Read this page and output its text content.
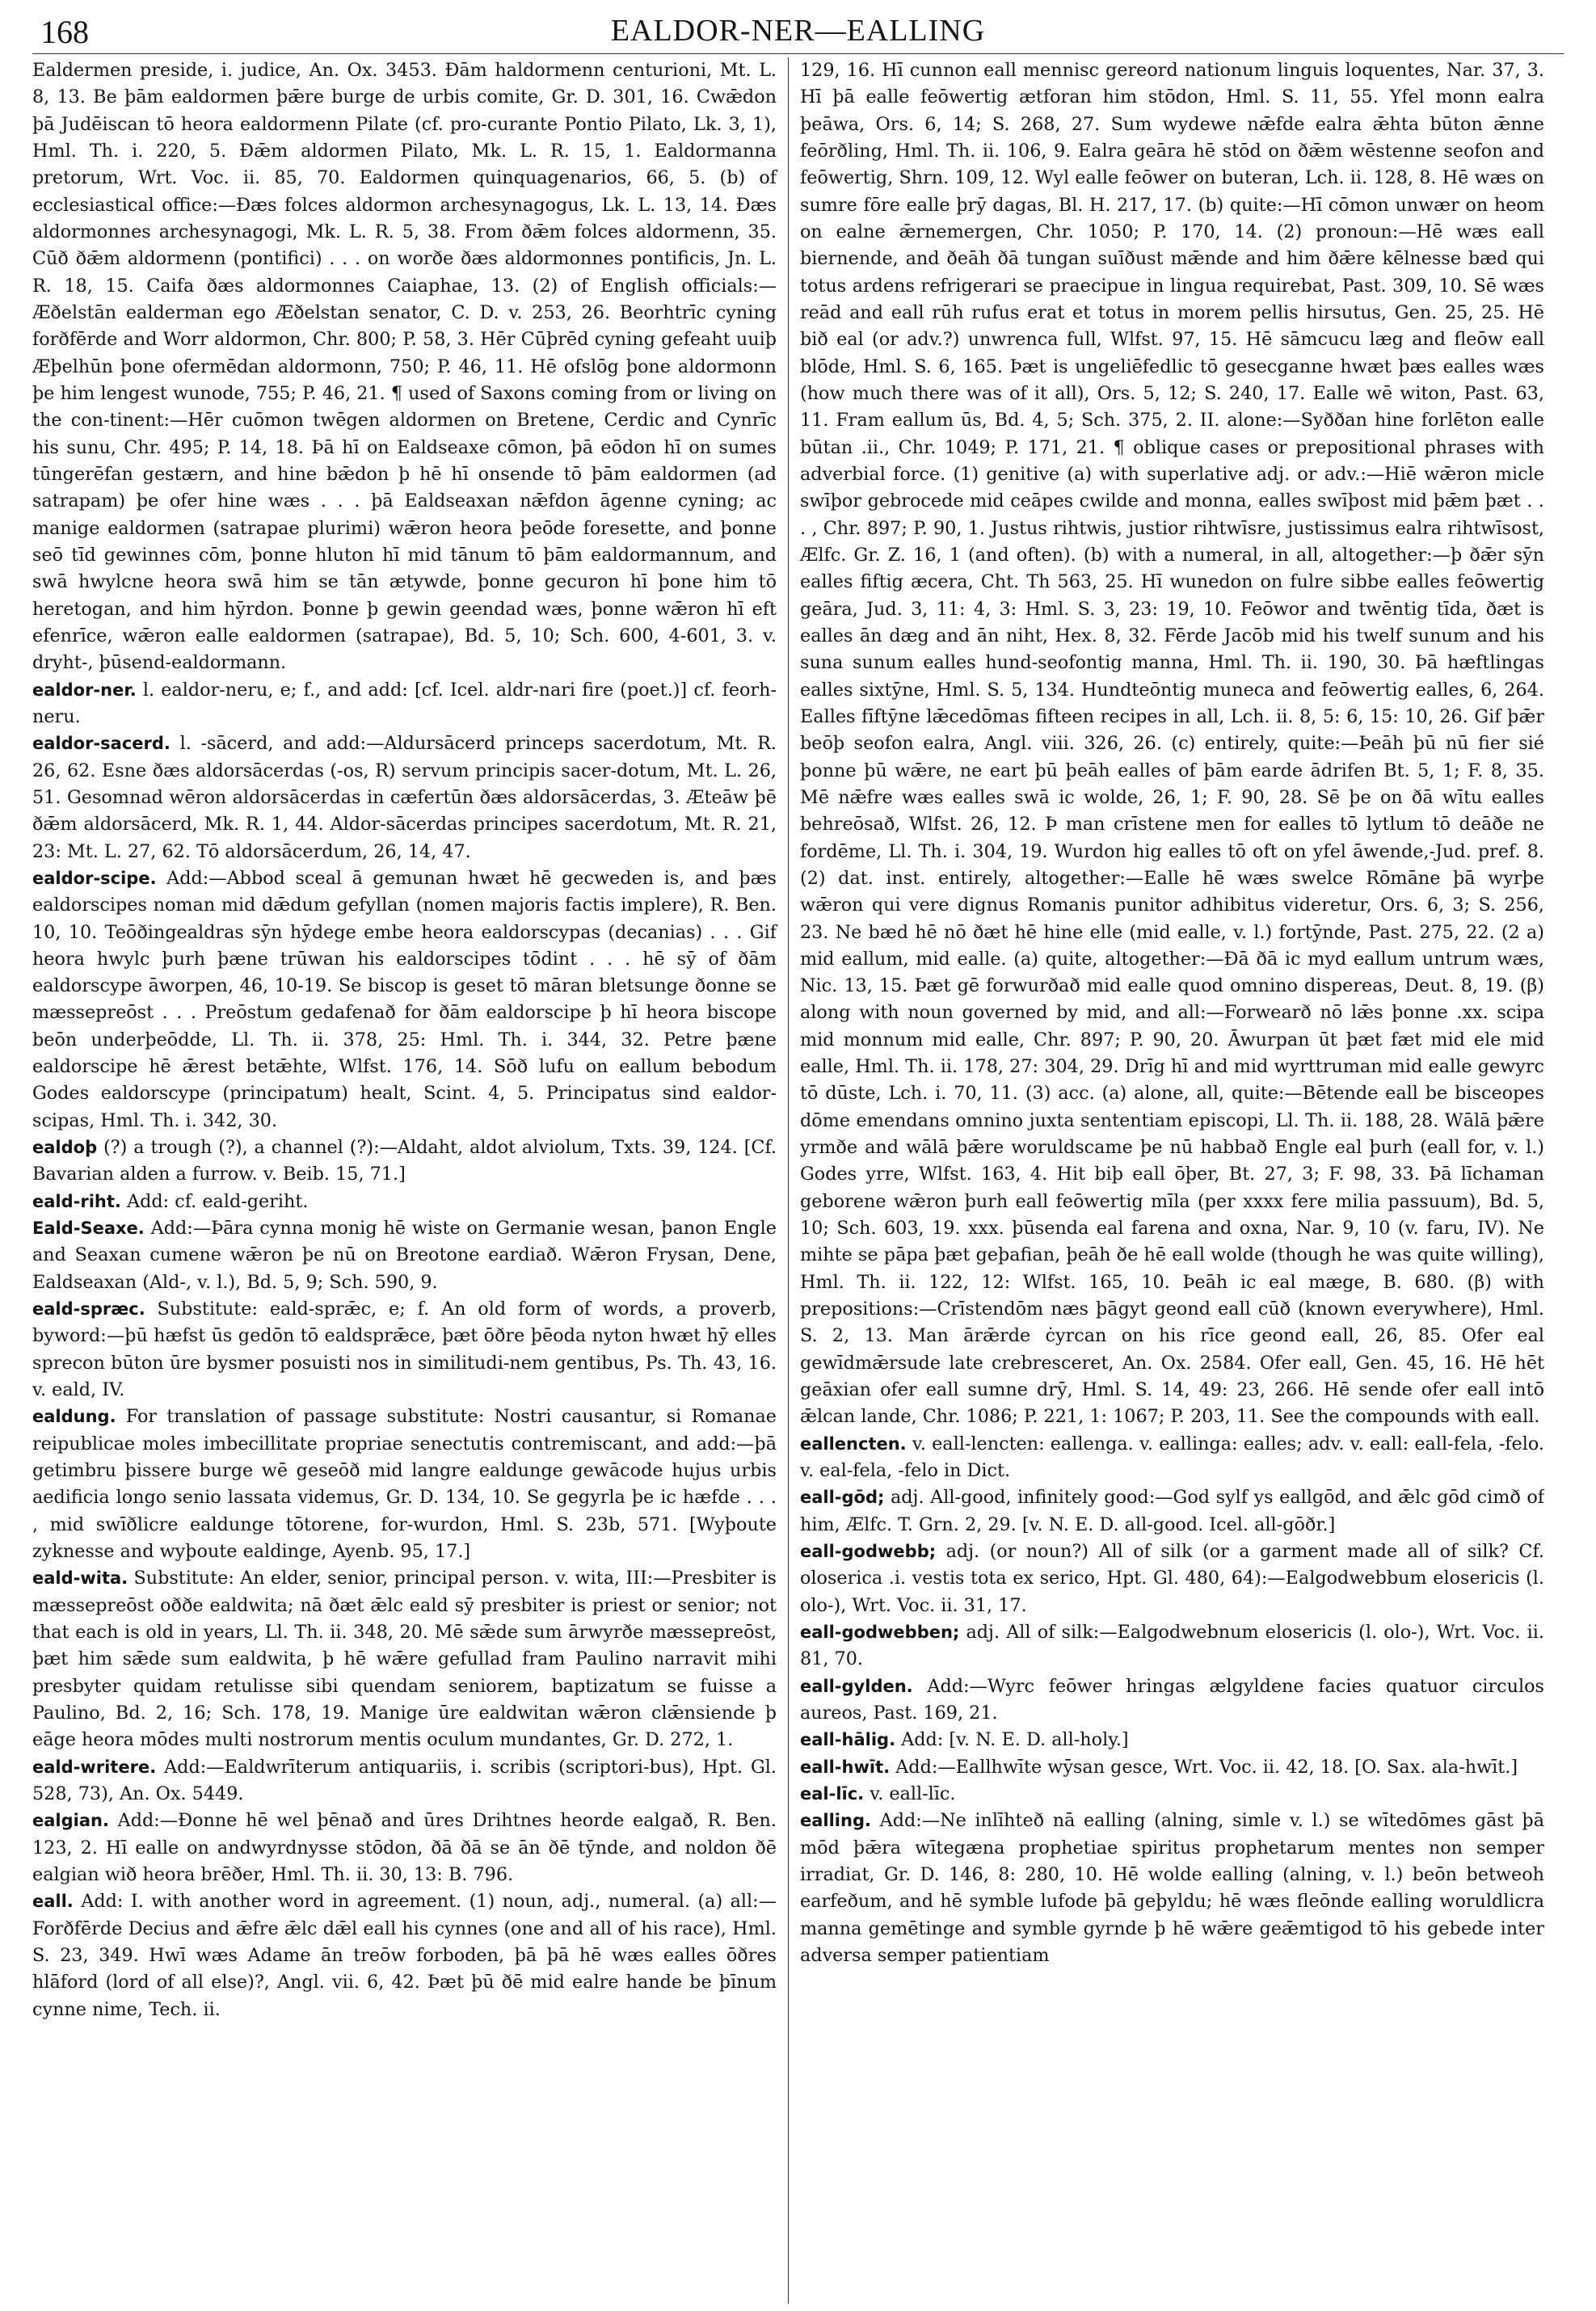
168	EALDOR-NER—EALLING

Ealdermen preside, i. judice, An. Ox. 3453. Ðām haldormenn centurioni, Mt. L. 8, 13. Be þām ealdormen þǣre burge de urbis comite, Gr. D. 301, 16. Cwǣdon þā Judēiscan tō heora ealdormenn Pilate (cf. pro-curante Pontio Pilato, Lk. 3, 1), Hml. Th. i. 220, 5. Ðǣm aldormen Pilato, Mk. L. R. 15, 1. Ealdormanna pretorum, Wrt. Voc. ii. 85, 70. Ealdormen quinquagenarios, 66, 5. (b) of ecclesiastical office:—Ðæs folces aldormon archesynagogus, Lk. L. 13, 14. Ðæs aldormonnes archesynagogi, Mk. L. R. 5, 38. From ðǣm folces aldormenn, 35. Cūð ðǣm aldormenn (pontifici) . . . on worðe ðæs aldormonnes pontificis, Jn. L. R. 18, 15. Caifa ðæs aldormonnes Caiaphae, 13. (2) of English officials:—Æðelstān ealderman ego Æðelstan senator, C. D. v. 253, 26. Beorhtrīc cyning forðfērde and Worr aldormon, Chr. 800; P. 58, 3. Hēr Cūþrēd cyning gefeaht uuiþ Æþelhūn þone ofermēdan aldormonn, 750; P. 46, 11. Hē ofslōg þone aldormonn þe him lengest wunode, 755; P. 46, 21. ¶ used of Saxons coming from or living on the con-tinent:—Hēr cuōmon twēgen aldormen on Bretene, Cerdic and Cynrīc his sunu, Chr. 495; P. 14, 18. Þā hī on Ealdseaxe cōmon, þā eōdon hī on sumes tūngerēfan gestærn, and hine bǣdon þ hē hī onsende tō þām ealdormen (ad satrapam) þe ofer hine wæs . . . þā Ealdseaxan nǣfdon āgenne cyning; ac manige ealdormen (satrapae plurimi) wǣron heora þeōde foresette, and þonne seō tīd gewinnes cōm, þonne hluton hī mid tānum tō þām ealdormannum, and swā hwylcne heora swā him se tān ætywde, þonne gecuron hī þone him tō heretogan, and him hȳrdon. Þonne þ gewin geendad wæs, þonne wǣron hī eft efenrīce, wǣron ealle ealdormen (satrapae), Bd. 5, 10; Sch. 600, 4-601, 3. v. dryht-, þūsend-ealdormann.

ealdor-ner. l. ealdor-neru, e; f., and add: [cf. Icel. aldr-nari fire (poet.)] cf. feorh-neru.

ealdor-sacerd. l. -sācerd, and add:—Aldursācerd princeps sacerdotum, Mt. R. 26, 62. Esne ðæs aldorsācerdas (-os, R) servum principis sacer-dotum, Mt. L. 26, 51. Gesomnad wēron aldorsācerdas in cæfertūn ðæs aldorsācerdas, 3. Æteāw þē ðǣm aldorsācerd, Mk. R. 1, 44. Aldor-sācerdas principes sacerdotum, Mt. R. 21, 23: Mt. L. 27, 62. Tō aldorsācerdum, 26, 14, 47.

ealdor-scipe. Add:—Abbod sceal ā gemunan hwæt hē gecweden is, and þæs ealdorscipes noman mid dǣdum gefyllan (nomen majoris factis implere), R. Ben. 10, 10. Teōðingealdras sȳn hȳdege embe heora ealdorscypas (decanias) . . . Gif heora hwylc þurh þæne trūwan his ealdorscipes tōdint . . . hē sȳ of ðām ealdorscype āworpen, 46, 10-19. Se biscop is geset tō māran bletsunge ðonne se mæssepreōst . . . Preōstum gedafenað for ðām ealdorscipe þ hī heora biscope beōn underþeōdde, Ll. Th. ii. 378, 25: Hml. Th. i. 344, 32. Petre þæne ealdorscipe hē ǣrest betǣhte, Wlfst. 176, 14. Sōð lufu on eallum bebodum Godes ealdorscype (principatum) healt, Scint. 4, 5. Principatus sind ealdor-scipas, Hml. Th. i. 342, 30.

ealdoþ (?) a trough (?), a channel (?):—Aldaht, aldot alviolum, Txts. 39, 124. [Cf. Bavarian alden a furrow. v. Beib. 15, 71.]

eald-riht. Add: cf. eald-geriht.

Eald-Seaxe. Add:—Þāra cynna monig hē wiste on Germanie wesan, þanon Engle and Seaxan cumene wǣron þe nū on Breotone eardiað. Wǣron Frysan, Dene, Ealdseaxan (Ald-, v. l.), Bd. 5, 9; Sch. 590, 9.

eald-spræc. Substitute: eald-sprǣc, e; f. An old form of words, a proverb, byword:—þū hæfst ūs gedōn tō ealdsprǣce, þæt ōðre þēoda nyton hwæt hȳ elles sprecon būton ūre bysmer posuisti nos in similitudi-nem gentibus, Ps. Th. 43, 16. v. eald, IV.

ealdung. For translation of passage substitute: Nostri causantur, si Romanae reipublicae moles imbecillitate propriae senectutis contremiscant, and add:—þā getimbru þissere burge wē geseōð mid langre ealdunge gewācode hujus urbis aedificia longo senio lassata videmus, Gr. D. 134, 10. Se gegyrla þe ic hæfde . . . , mid swīðlicre ealdunge tōtorene, for-wurdon, Hml. S. 23b, 571. [Wyþoute zyknesse and wyþoute ealdinge, Ayenb. 95, 17.]

eald-wita. Substitute: An elder, senior, principal person. v. wita, III:—Presbiter is mæssepreōst oððe ealdwita; nā ðæt ǣlc eald sȳ presbiter is priest or senior; not that each is old in years, Ll. Th. ii. 348, 20. Mē sǣde sum ārwyrðe mæssepreōst, þæt him sǣde sum ealdwita, þ hē wǣre gefullad fram Paulino narravit mihi presbyter quidam retulisse sibi quendam seniorem, baptizatum se fuisse a Paulino, Bd. 2, 16; Sch. 178, 19. Manige ūre ealdwitan wǣron clǣnsiende þ eāge heora mōdes multi nostrorum mentis oculum mundantes, Gr. D. 272, 1.

eald-writere. Add:—Ealdwrīterum antiquariis, i. scribis (scriptori-bus), Hpt. Gl. 528, 73), An. Ox. 5449.

ealgian. Add:—Ðonne hē wel þēnað and ūres Drihtnes heorde ealgað, R. Ben. 123, 2. Hī ealle on andwyrdnysse stōdon, ðā ðā se ān ðē tȳnde, and noldon ðē ealgian wið heora brēðer, Hml. Th. ii. 30, 13: B. 796.

eall. Add: I. with another word in agreement. (1) noun, adj., numeral. (a) all:—Forðfērde Decius and ǣfre ǣlc dǣl eall his cynnes (one and all of his race), Hml. S. 23, 349. Hwī wæs Adame ān treōw forboden, þā þā hē wæs ealles ōðres hlāford (lord of all else)?, Angl. vii. 6, 42. Þæt þū ðē mid ealre hande be þīnum cynne nime, Tech. ii.

129, 16. Hī cunnon eall mennisc gereord nationum linguis loquentes, Nar. 37, 3. Hī þā ealle feōwertig ætforan him stōdon, Hml. S. 11, 55. Yfel monn ealra þeāwa, Ors. 6, 14; S. 268, 27. Sum wydewe nǣfde ealra ǣhta būton ǣnne feōrðling, Hml. Th. ii. 106, 9. Ealra geāra hē stōd on ðǣm wēstenne seofon and feōwertig, Shrn. 109, 12. Wyl ealle feōwer on buteran, Lch. ii. 128, 8. Hē wæs on sumre fōre ealle þrȳ dagas, Bl. H. 217, 17. (b) quite:—Hī cōmon unwær on heom on ealne ǣrnemergen, Chr. 1050; P. 170, 14. (2) pronoun:—Hē wæs eall biernende, and ðeāh ðā tungan suīðust mǣnde and him ðǣre kēlnesse bæd qui totus ardens refrigerari se praecipue in lingua requirebat, Past. 309, 10. Sē wæs reād and eall rūh rufus erat et totus in morem pellis hirsutus, Gen. 25, 25. Hē bið eal (or adv.?) unwrenca full, Wlfst. 97, 15. Hē sāmcucu læg and fleōw eall blōde, Hml. S. 6, 165. Þæt is ungeliēfedlic tō gesecganne hwæt þæs ealles wæs (how much there was of it all), Ors. 5, 12; S. 240, 17. Ealle wē witon, Past. 63, 11. Fram eallum ūs, Bd. 4, 5; Sch. 375, 2. II. alone:—Syððan hine forlēton ealle būtan .ii., Chr. 1049; P. 171, 21. ¶ oblique cases or prepositional phrases with adverbial force. (1) genitive (a) with superlative adj. or adv.:—Hiē wǣron micle swīþor gebrocede mid ceāpes cwilde and monna, ealles swīþost mid þǣm þæt . . . , Chr. 897; P. 90, 1. Justus rihtwis, justior rihtwīsre, justissimus ealra rihtwīsost, Ælfc. Gr. Z. 16, 1 (and often). (b) with a numeral, in all, altogether:—þ ðǣr sȳn ealles fiftig æcera, Cht. Th 563, 25. Hī wunedon on fulre sibbe ealles feōwertig geāra, Jud. 3, 11: 4, 3: Hml. S. 3, 23: 19, 10. Feōwor and twēntig tīda, ðæt is ealles ān dæg and ān niht, Hex. 8, 32. Fērde Jacōb mid his twelf sunum and his suna sunum ealles hund-seofontig manna, Hml. Th. ii. 190, 30. Þā hæftlingas ealles sixtȳne, Hml. S. 5, 134. Hundteōntig muneca and feōwertig ealles, 6, 264. Ealles fīftȳne lǣcedōmas fifteen recipes in all, Lch. ii. 8, 5: 6, 15: 10, 26. Gif þǣr beōþ seofon ealra, Angl. viii. 326, 26. (c) entirely, quite:—Þeāh þū nū fier sié þonne þū wǣre, ne eart þū þeāh ealles of þām earde ādrifen Bt. 5, 1; F. 8, 35. Mē nǣfre wæs ealles swā ic wolde, 26, 1; F. 90, 28. Sē þe on ðā wītu ealles behreōsað, Wlfst. 26, 12. Þ man crīstene men for ealles tō lytlum tō deāðe ne fordēme, Ll. Th. i. 304, 19. Wurdon hig ealles tō oft on yfel āwende,-Jud. pref. 8. (2) dat. inst. entirely, altogether:—Ealle hē wæs swelce Rōmāne þā wyrþe wǣron qui vere dignus Romanis punitor adhibitus videretur, Ors. 6, 3; S. 256, 23. Ne bæd hē nō ðæt hē hine elle (mid ealle, v. l.) fortȳnde, Past. 275, 22. (2 a) mid eallum, mid ealle. (a) quite, altogether:—Ðā ðā ic myd eallum untrum wæs, Nic. 13, 15. Þæt gē forwurðað mid ealle quod omnino dispereas, Deut. 8, 19. (β) along with noun governed by mid, and all:—Forwearð nō lǣs þonne .xx. scipa mid monnum mid ealle, Chr. 897; P. 90, 20. Āwurpan ūt þæt fæt mid ele mid ealle, Hml. Th. ii. 178, 27: 304, 29. Drīg hī and mid wyrttruman mid ealle gewyrc tō dūste, Lch. i. 70, 11. (3) acc. (a) alone, all, quite:—Bētende eall be bisceopes dōme emendans omnino juxta sententiam episcopi, Ll. Th. ii. 188, 28. Wālā þǣre yrmðe and wālā þǣre woruldscame þe nū habbað Engle eal þurh (eall for, v. l.) Godes yrre, Wlfst. 163, 4. Hit biþ eall ōþer, Bt. 27, 3; F. 98, 33. Þā līchaman geborene wǣron þurh eall feōwertig mīla (per xxxx fere milia passuum), Bd. 5, 10; Sch. 603, 19. xxx. þūsenda eal farena and oxna, Nar. 9, 10 (v. faru, IV). Ne mihte se pāpa þæt geþafian, þeāh ðe hē eall wolde (though he was quite willing), Hml. Th. ii. 122, 12: Wlfst. 165, 10. Þeāh ic eal mæge, B. 680. (β) with prepositions:—Crīstendōm næs þāgyt geond eall cūð (known everywhere), Hml. S. 2, 13. Man ārǣrde ċyrcan on his rīce geond eall, 26, 85. Ofer eal gewīdmǣrsude late crebresceret, An. Ox. 2584. Ofer eall, Gen. 45, 16. Hē hēt geāxian ofer eall sumne drȳ, Hml. S. 14, 49: 23, 266. Hē sende ofer eall intō ǣlcan lande, Chr. 1086; P. 221, 1: 1067; P. 203, 11. See the compounds with eall.

eallencten. v. eall-lencten: eallenga. v. eallinga: ealles; adv. v. eall: eall-fela, -felo. v. eal-fela, -felo in Dict.

eall-gōd; adj. All-good, infinitely good:—God sylf ys eallgōd, and ǣlc gōd cimð of him, Ælfc. T. Grn. 2, 29. [v. N. E. D. all-good. Icel. all-gōðr.]

eall-godwebb; adj. (or noun?) All of silk (or a garment made all of silk? Cf. oloserica .i. vestis tota ex serico, Hpt. Gl. 480, 64):—Ealgodwebbum elosericis (l. olo-), Wrt. Voc. ii. 31, 17.

eall-godwebben; adj. All of silk:—Ealgodwebnum elosericis (l. olo-), Wrt. Voc. ii. 81, 70.

eall-gylden. Add:—Wyrc feōwer hringas ælgyldene facies quatuor circulos aureos, Past. 169, 21.

eall-hālig. Add: [v. N. E. D. all-holy.]

eall-hwīt. Add:—Eallhwīte wȳsan gesce, Wrt. Voc. ii. 42, 18. [O. Sax. ala-hwīt.]

eal-līc. v. eall-līc.

ealling. Add:—Ne inlīhteð nā ealling (alning, simle v. l.) se wītedōmes gāst þā mōd þǣra wītegæna prophetiae spiritus prophetarum mentes non semper irradiat, Gr. D. 146, 8: 280, 10. Hē wolde ealling (alning, v. l.) beōn betweoh earfeðum, and hē symble lufode þā geþyldu; hē wæs fleōnde ealling woruldlicra manna gemētinge and symble gyrnde þ hē wǣre geǣmtigod tō his gebede inter adversa semper patientiam
